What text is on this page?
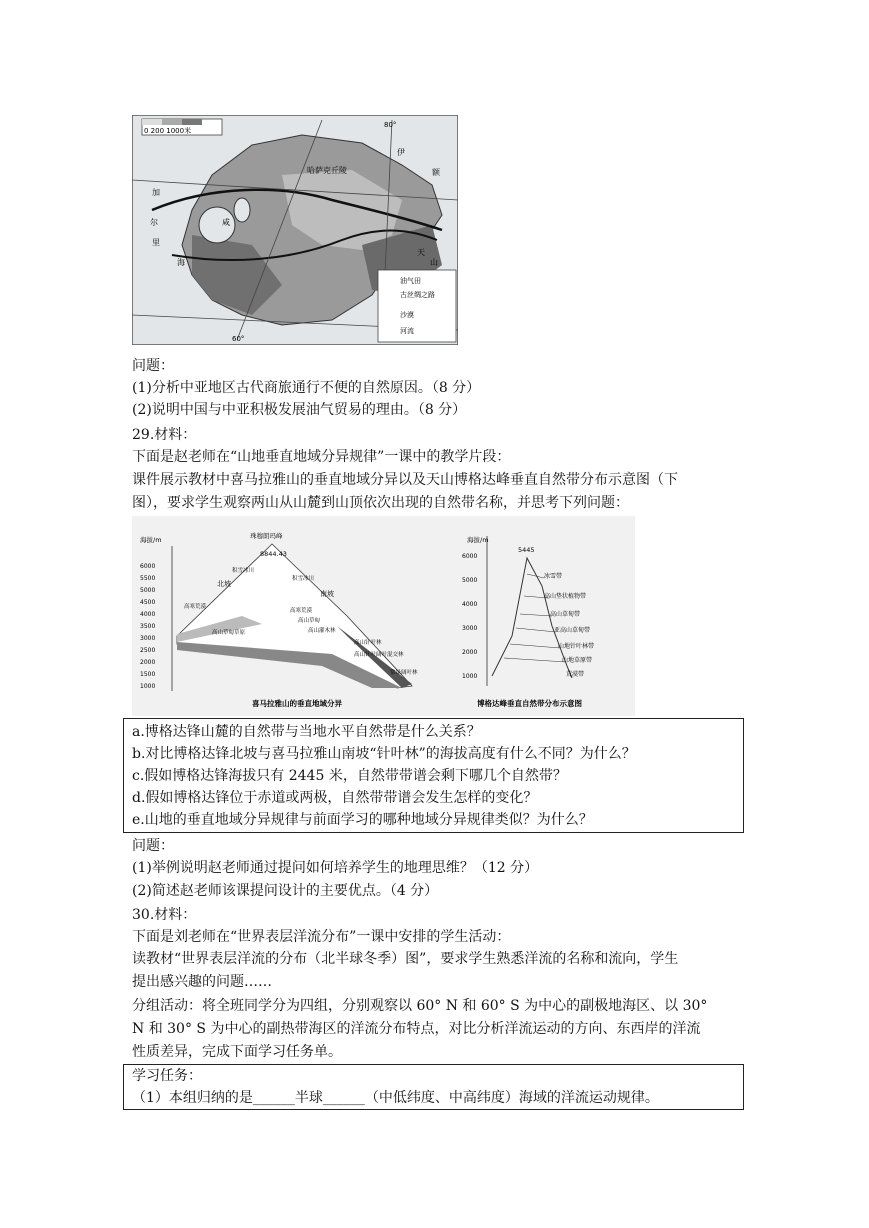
0 200 1000米
油气田
古丝绸之路
沙漠
河流
哈萨克丘陵
咸
海
里
加
尔
伊
额
天
山
60°
80°
问题：
(1)分析中亚地区古代商旅通行不便的自然原因。（8 分）
(2)说明中国与中亚积极发展油气贸易的理由。（8 分）
29.材料：
下面是赵老师在“山地垂直地域分异规律”一课中的教学片段：
课件展示教材中喜马拉雅山的垂直地域分异以及天山博格达峰垂直自然带分布示意图（下
图），要求学生观察两山从山麓到山顶依次出现的自然带名称，并思考下列问题：
海拔/m
6000
5500
5000
4500
4000
3500
3000
2500
2000
1500
1000
珠穆朗玛峰
8844.43
北坡
南坡
积雪冰川
积雪冰川
高寒荒漠
高山草甸草原
高寒荒漠
高山草甸
高山灌木林
高山针叶林
高山针叶阔叶混交林
常绿阔叶林
喜马拉雅山的垂直地域分异
海拔/m
6000
5000
4000
3000
2000
1000
5445
冰雪带
高山垫状植物带
高山草甸带
亚高山草甸带
山地针叶林带
山地草原带
荒漠带
博格达峰垂直自然带分布示意图
a.博格达锋山麓的自然带与当地水平自然带是什么关系？
b.对比博格达锋北坡与喜马拉雅山南坡“针叶林”的海拔高度有什么不同？为什么？
c.假如博格达锋海拔只有 2445 米，自然带带谱会剩下哪几个自然带？
d.假如博格达锋位于赤道或两极，自然带带谱会发生怎样的变化？
e.山地的垂直地域分异规律与前面学习的哪种地域分异规律类似？为什么？
问题：
(1)举例说明赵老师通过提问如何培养学生的地理思维？（12 分）
(2)简述赵老师该课提问设计的主要优点。（4 分）
30.材料：
下面是刘老师在“世界表层洋流分布”一课中安排的学生活动：
读教材“世界表层洋流的分布（北半球冬季）图”，要求学生熟悉洋流的名称和流向，学生
提出感兴趣的问题……
分组活动：将全班同学分为四组，分别观察以 60° N 和 60° S 为中心的副极地海区、以 30°
N 和 30° S 为中心的副热带海区的洋流分布特点，对比分析洋流运动的方向、东西岸的洋流
性质差异，完成下面学习任务单。
学习任务：
（1）本组归纳的是______半球______（中低纬度、中高纬度）海域的洋流运动规律。
